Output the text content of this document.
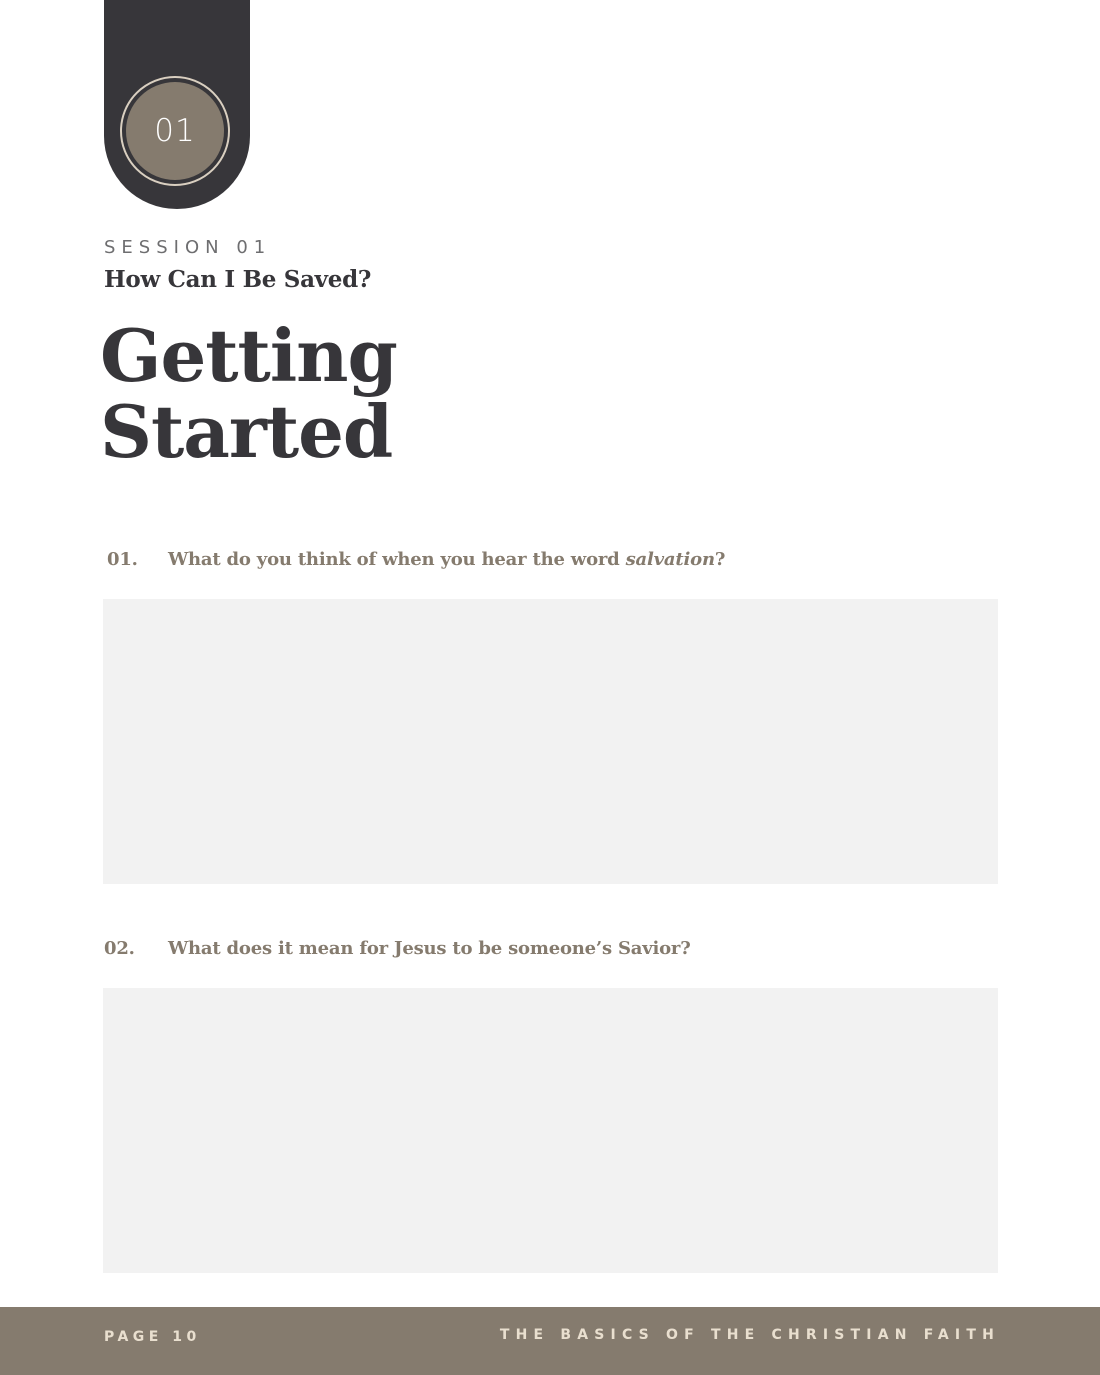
01
SESSION 01
How Can I Be Saved?
Getting
Started
01. What do you think of when you hear the word salvation?
02. What does it mean for Jesus to be someone’s Savior?
PAGE 10	THE BASICS OF THE CHRISTIAN FAITH
